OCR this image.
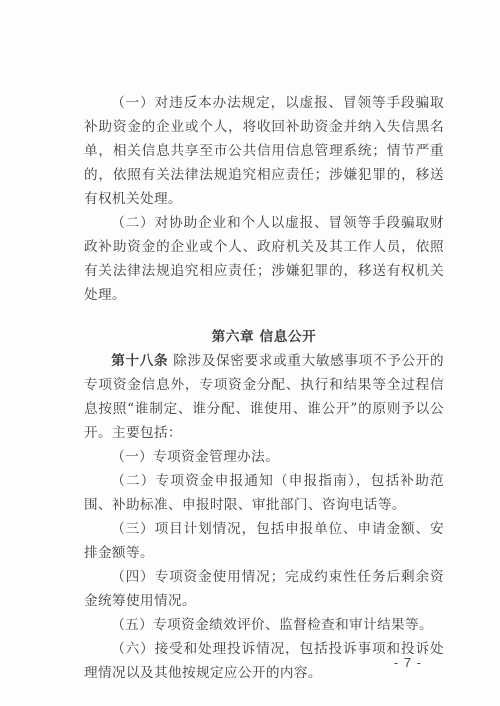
（一）对违反本办法规定，以虚报、冒领等手段骗取补助资金的企业或个人，将收回补助资金并纳入失信黑名单，相关信息共享至市公共信用信息管理系统；情节严重的，依照有关法律法规追究相应责任；涉嫌犯罪的，移送有权机关处理。

（二）对协助企业和个人以虚报、冒领等手段骗取财政补助资金的企业或个人、政府机关及其工作人员，依照有关法律法规追究相应责任；涉嫌犯罪的，移送有权机关处理。

第六章 信息公开

第十八条 除涉及保密要求或重大敏感事项不予公开的专项资金信息外，专项资金分配、执行和结果等全过程信息按照“谁制定、谁分配、谁使用、谁公开”的原则予以公开。主要包括：

（一）专项资金管理办法。

（二）专项资金申报通知（申报指南），包括补助范围、补助标准、申报时限、审批部门、咨询电话等。

（三）项目计划情况，包括申报单位、申请金额、安排金额等。

（四）专项资金使用情况；完成约束性任务后剩余资金统筹使用情况。

（五）专项资金绩效评价、监督检查和审计结果等。

（六）接受和处理投诉情况，包括投诉事项和投诉处理情况以及其他按规定应公开的内容。

- 7 -
